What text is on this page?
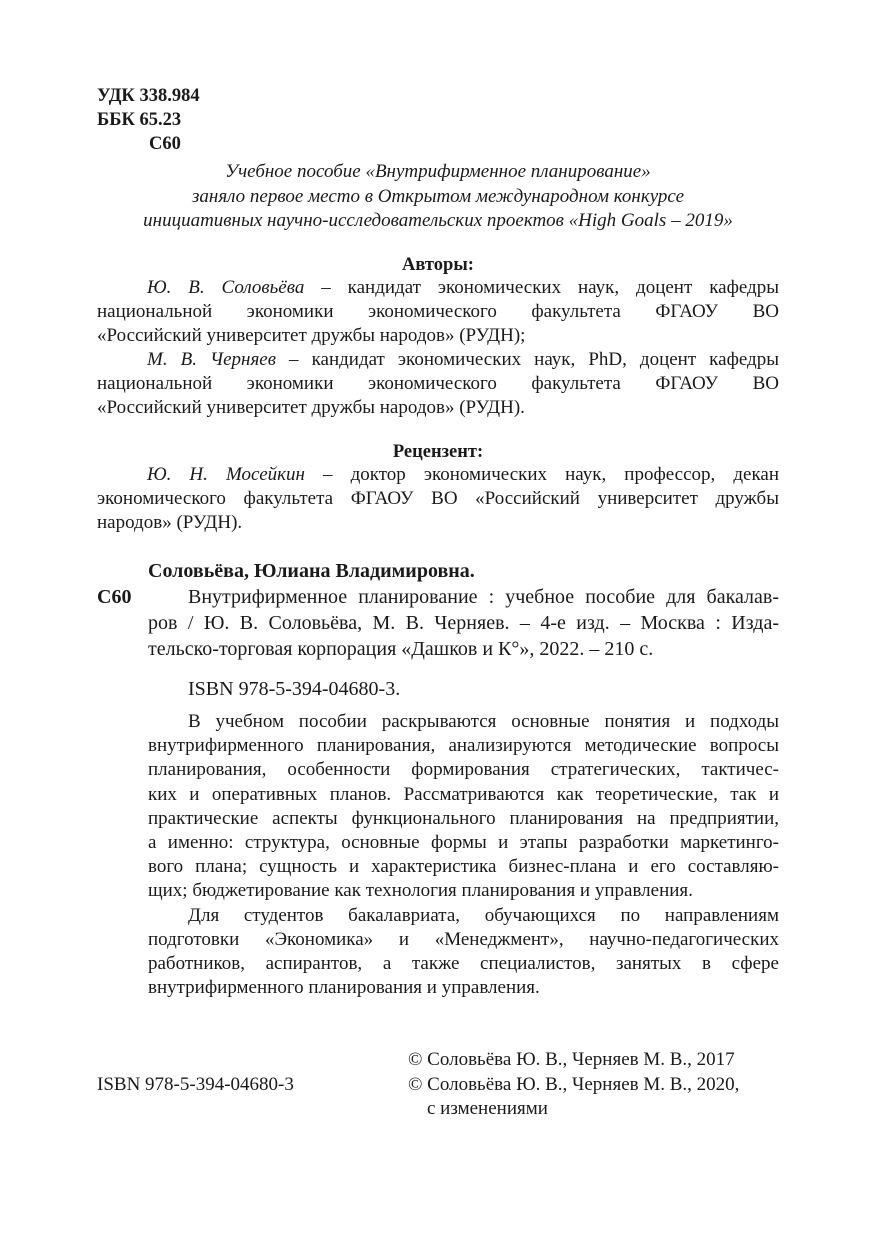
УДК 338.984
ББК 65.23
С60
Учебное пособие «Внутрифирменное планирование»
заняло первое место в Открытом международном конкурсе
инициативных научно-исследовательских проектов «High Goals – 2019»
Авторы:
Ю. В. Соловьёва – кандидат экономических наук, доцент кафедры
национальной экономики экономического факультета ФГАОУ ВО
«Российский университет дружбы народов» (РУДН);
М. В. Черняев – кандидат экономических наук, PhD, доцент кафедры
национальной экономики экономического факультета ФГАОУ ВО
«Российский университет дружбы народов» (РУДН).
Рецензент:
Ю. Н. Мосейкин – доктор экономических наук, профессор, декан
экономического факультета ФГАОУ ВО «Российский университет дружбы
народов» (РУДН).
Соловьёва, Юлиана Владимировна.
С60	Внутрифирменное планирование : учебное пособие для бакалав-
ров / Ю. В. Соловьёва, М. В. Черняев. – 4-е изд. – Москва : Изда-
тельско-торговая корпорация «Дашков и К°», 2022. – 210 с.
ISBN 978-5-394-04680-3.
В учебном пособии раскрываются основные понятия и подходы
внутрифирменного планирования, анализируются методические вопросы
планирования, особенности формирования стратегических, тактичес-
ких и оперативных планов. Рассматриваются как теоретические, так и
практические аспекты функционального планирования на предприятии,
а именно: структура, основные формы и этапы разработки маркетинго-
вого плана; сущность и характеристика бизнес-плана и его составляю-
щих; бюджетирование как технология планирования и управления.
Для студентов бакалавриата, обучающихся по направлениям
подготовки «Экономика» и «Менеджмент», научно-педагогических
работников, аспирантов, а также специалистов, занятых в сфере
внутрифирменного планирования и управления.
ISBN 978-5-394-04680-3
© Соловьёва Ю. В., Черняев М. В., 2017
© Соловьёва Ю. В., Черняев М. В., 2020,
с изменениями
